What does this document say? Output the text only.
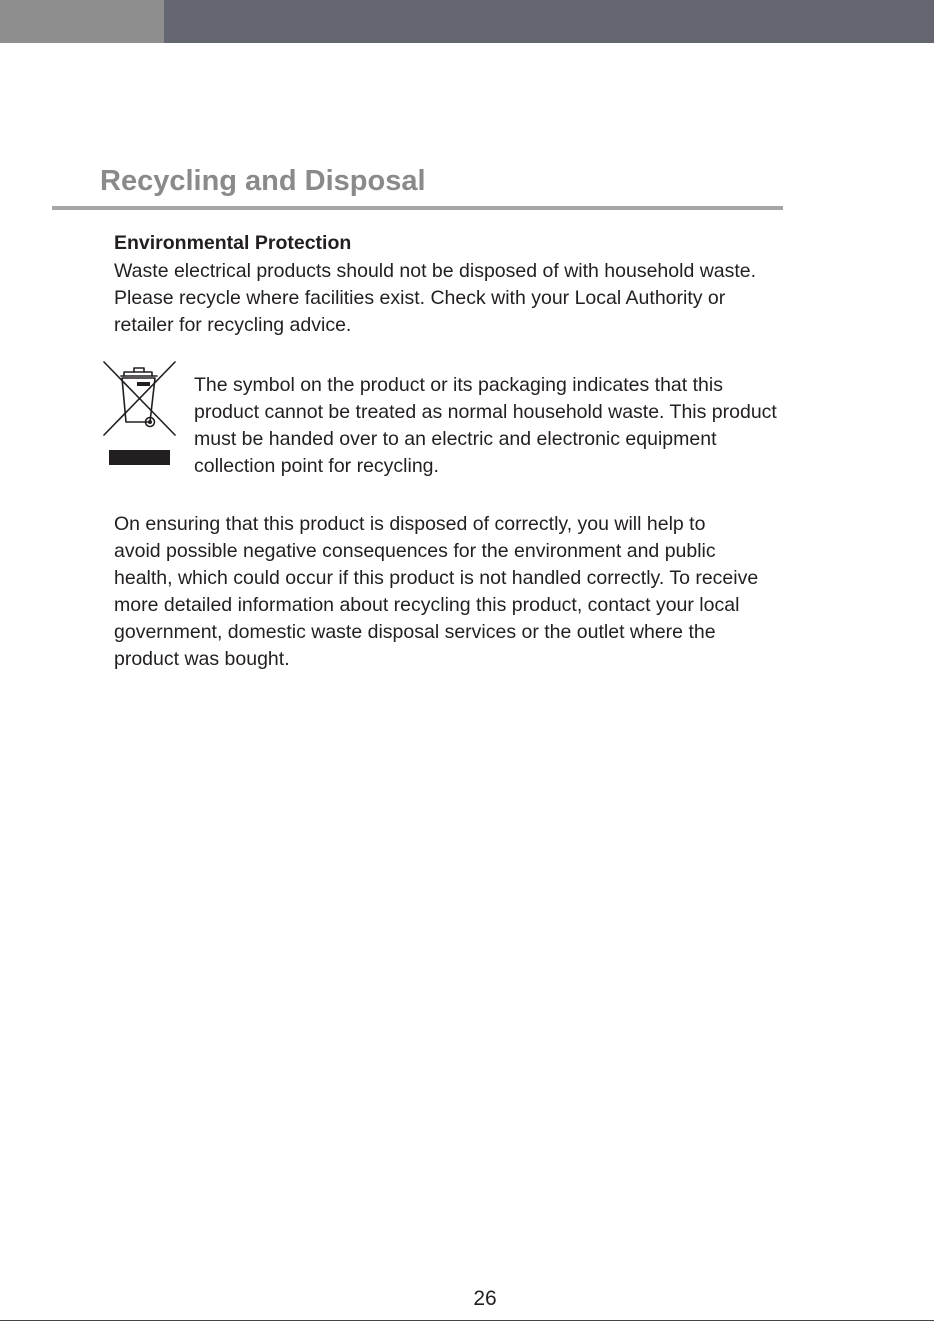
Recycling and Disposal
Environmental Protection

Waste electrical products should not be disposed of with household waste.
Please recycle where facilities exist. Check with your Local Authority or
retailer for recycling advice.

The symbol on the product or its packaging indicates that this
product cannot be treated as normal household waste. This product
must be handed over to an electric and electronic equipment
collection point for recycling.

On ensuring that this product is disposed of correctly, you will help to
avoid possible negative consequences for the environment and public
health, which could occur if this product is not handled correctly. To receive
more detailed information about recycling this product, contact your local
government, domestic waste disposal services or the outlet where the
product was bought.

26
